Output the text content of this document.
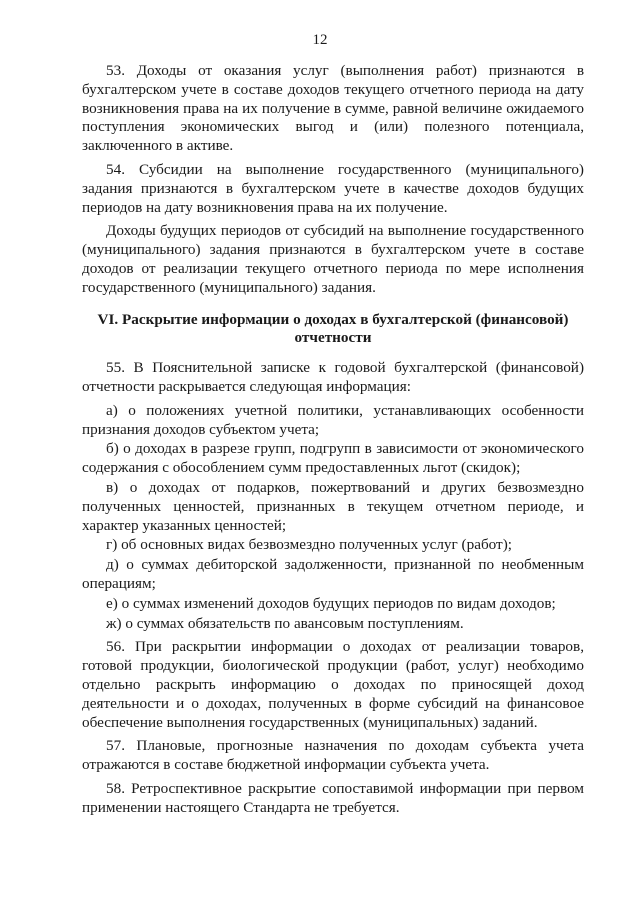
12

53. Доходы от оказания услуг (выполнения работ) признаются в бухгалтерском учете в составе доходов текущего отчетного периода на дату возникновения права на их получение в сумме, равной величине ожидаемого поступления экономических выгод и (или) полезного потенциала, заключенного в активе.

54. Субсидии на выполнение государственного (муниципального) задания признаются в бухгалтерском учете в качестве доходов будущих периодов на дату возникновения права на их получение.

Доходы будущих периодов от субсидий на выполнение государственного (муниципального) задания признаются в бухгалтерском учете в составе доходов от реализации текущего отчетного периода по мере исполнения государственного (муниципального) задания.

VI. Раскрытие информации о доходах в бухгалтерской (финансовой) отчетности

55. В Пояснительной записке к годовой бухгалтерской (финансовой) отчетности раскрывается следующая информация:

а) о положениях учетной политики, устанавливающих особенности признания доходов субъектом учета;

б) о доходах в разрезе групп, подгрупп в зависимости от экономического содержания с обособлением сумм предоставленных льгот (скидок);

в) о доходах от подарков, пожертвований и других безвозмездно полученных ценностей, признанных в текущем отчетном периоде, и характер указанных ценностей;

г) об основных видах безвозмездно полученных услуг (работ);

д) о суммах дебиторской задолженности, признанной по необменным операциям;

е) о суммах изменений доходов будущих периодов по видам доходов;

ж) о суммах обязательств по авансовым поступлениям.

56. При раскрытии информации о доходах от реализации товаров, готовой продукции, биологической продукции (работ, услуг) необходимо отдельно раскрыть информацию о доходах по приносящей доход деятельности и о доходах, полученных в форме субсидий на финансовое обеспечение выполнения государственных (муниципальных) заданий.

57. Плановые, прогнозные назначения по доходам субъекта учета отражаются в составе бюджетной информации субъекта учета.

58. Ретроспективное раскрытие сопоставимой информации при первом применении настоящего Стандарта не требуется.
